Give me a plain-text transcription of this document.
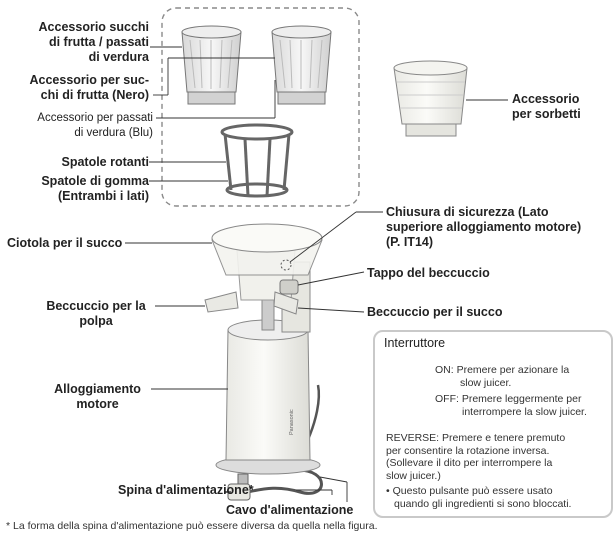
Panasonic
Accessorio succhi
di frutta / passati
di verdura
Accessorio per suc-
chi di frutta (Nero)
Accessorio per passati
di verdura (Blu)
Spatole rotanti
Spatole di gomma
(Entrambi i lati)
Accessorio
per sorbetti
Chiusura di sicurezza (Lato
superiore alloggiamento motore)
(P. IT14)
Ciotola per il succo
Tappo del beccuccio
Beccuccio per la
polpa
Beccuccio per il succo
Alloggiamento
motore
Spina d'alimentazione*
Cavo d'alimentazione
Interruttore
ON: Premere per azionare la
slow juicer.
OFF: Premere leggermente per
interrompere la slow juicer.
REVERSE: Premere e tenere premuto
per consentire la rotazione inversa.
(Sollevare il dito per interrompere la
slow juicer.)
• Questo pulsante può essere usato
quando gli ingredienti si sono bloccati.
* La forma della spina d'alimentazione può essere diversa da quella nella figura.
